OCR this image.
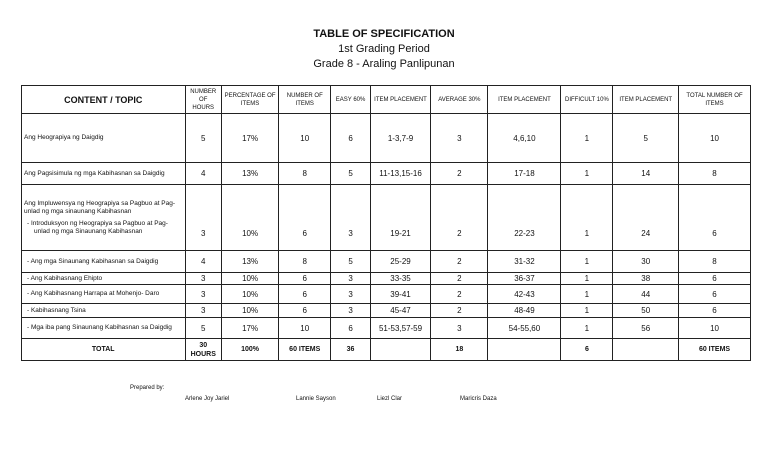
TABLE OF SPECIFICATION
1st Grading Period
Grade 8 - Araling Panlipunan
CONTENT / TOPIC	NUMBER OF HOURS	PERCENTAGE OF ITEMS	NUMBER OF ITEMS	EASY 60%	ITEM PLACEMENT	AVERAGE 30%	ITEM PLACEMENT	DIFFICULT 10%	ITEM PLACEMENT	TOTAL NUMBER OF ITEMS
Ang Heograpiya ng Daigdig	5	17%	10	6	1-3,7-9	3	4,6,10	1	5	10
Ang Pagsisimula ng mga Kabihasnan sa Daigdig	4	13%	8	5	11-13,15-16	2	17-18	1	14	8
Ang Impluwensya ng Heograpiya sa Pagbuo at Pag-unlad ng mga sinaunang Kabihasnan
- Introduksyon ng Heograpiya sa Pagbuo at Pag-unlad ng mga Sinaunang Kabihasnan	3	10%	6	3	19-21	2	22-23	1	24	6

- Ang mga Sinaunang Kabihasnan sa Daigdig	4	13%	8	5	25-29	2	31-32	1	30	8

- Ang Kabihasnang Ehipto	3	10%	6	3	33-35	2	36-37	1	38	6

- Ang Kabihasnang Harrapa at Mohenjo- Daro	3	10%	6	3	39-41	2	42-43	1	44	6

- Kabihasnang Tsina	3	10%	6	3	45-47	2	48-49	1	50	6

- Mga iba pang Sinaunang Kabihasnan sa Daigdig	5	17%	10	6	51-53,57-59	3	54-55,60	1	56	10
TOTAL	30 HOURS	100%	60 ITEMS	36		18		6		60 ITEMS
Prepared by:
Arlene Joy Jariel	Lannie Sayson	Liezl Clar	Maricris Daza
